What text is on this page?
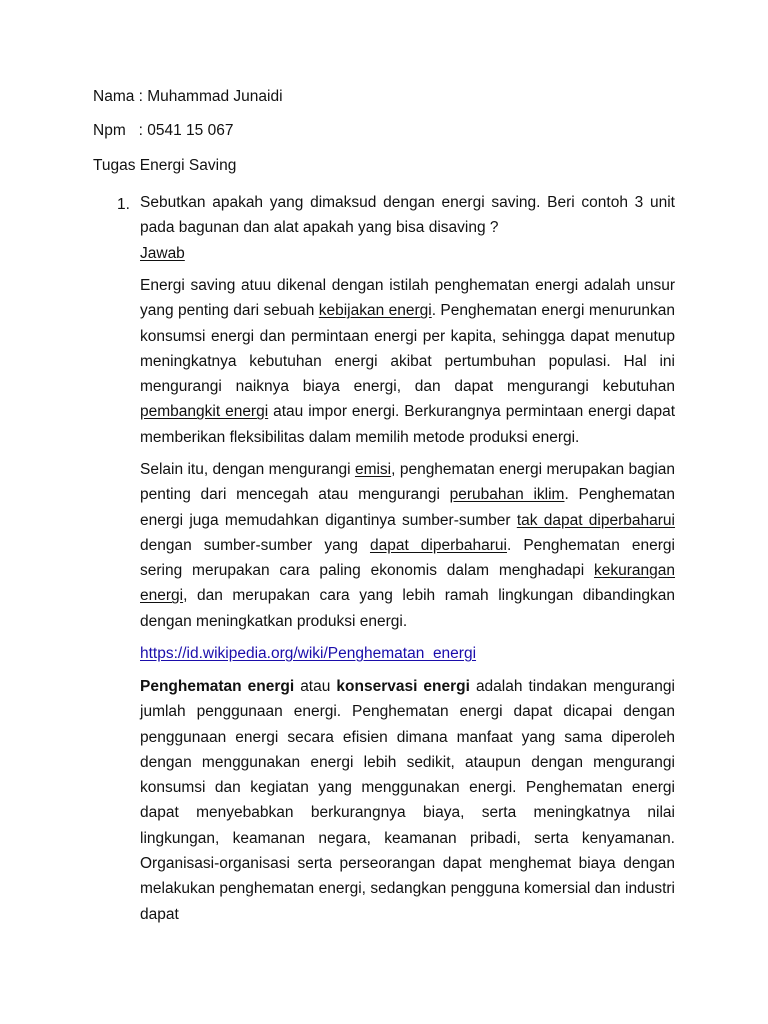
Nama : Muhammad Junaidi
Npm   : 0541 15 067
Tugas Energi Saving
1. Sebutkan apakah yang dimaksud dengan energi saving. Beri contoh 3 unit pada bagunan dan alat apakah yang bisa disaving ?

Jawab

Energi saving atuu dikenal dengan istilah penghematan energi adalah unsur yang penting dari sebuah kebijakan energi. Penghematan energi menurunkan konsumsi energi dan permintaan energi per kapita, sehingga dapat menutup meningkatnya kebutuhan energi akibat pertumbuhan populasi. Hal ini mengurangi naiknya biaya energi, dan dapat mengurangi kebutuhan pembangkit energi atau impor energi. Berkurangnya permintaan energi dapat memberikan fleksibilitas dalam memilih metode produksi energi.

Selain itu, dengan mengurangi emisi, penghematan energi merupakan bagian penting dari mencegah atau mengurangi perubahan iklim. Penghematan energi juga memudahkan digantinya sumber-sumber tak dapat diperbaharui dengan sumber-sumber yang dapat diperbaharui. Penghematan energi sering merupakan cara paling ekonomis dalam menghadapi kekurangan energi, dan merupakan cara yang lebih ramah lingkungan dibandingkan dengan meningkatkan produksi energi.

https://id.wikipedia.org/wiki/Penghematan_energi

Penghematan energi atau konservasi energi adalah tindakan mengurangi jumlah penggunaan energi. Penghematan energi dapat dicapai dengan penggunaan energi secara efisien dimana manfaat yang sama diperoleh dengan menggunakan energi lebih sedikit, ataupun dengan mengurangi konsumsi dan kegiatan yang menggunakan energi. Penghematan energi dapat menyebabkan berkurangnya biaya, serta meningkatnya nilai lingkungan, keamanan negara, keamanan pribadi, serta kenyamanan. Organisasi-organisasi serta perseorangan dapat menghemat biaya dengan melakukan penghematan energi, sedangkan pengguna komersial dan industri dapat
